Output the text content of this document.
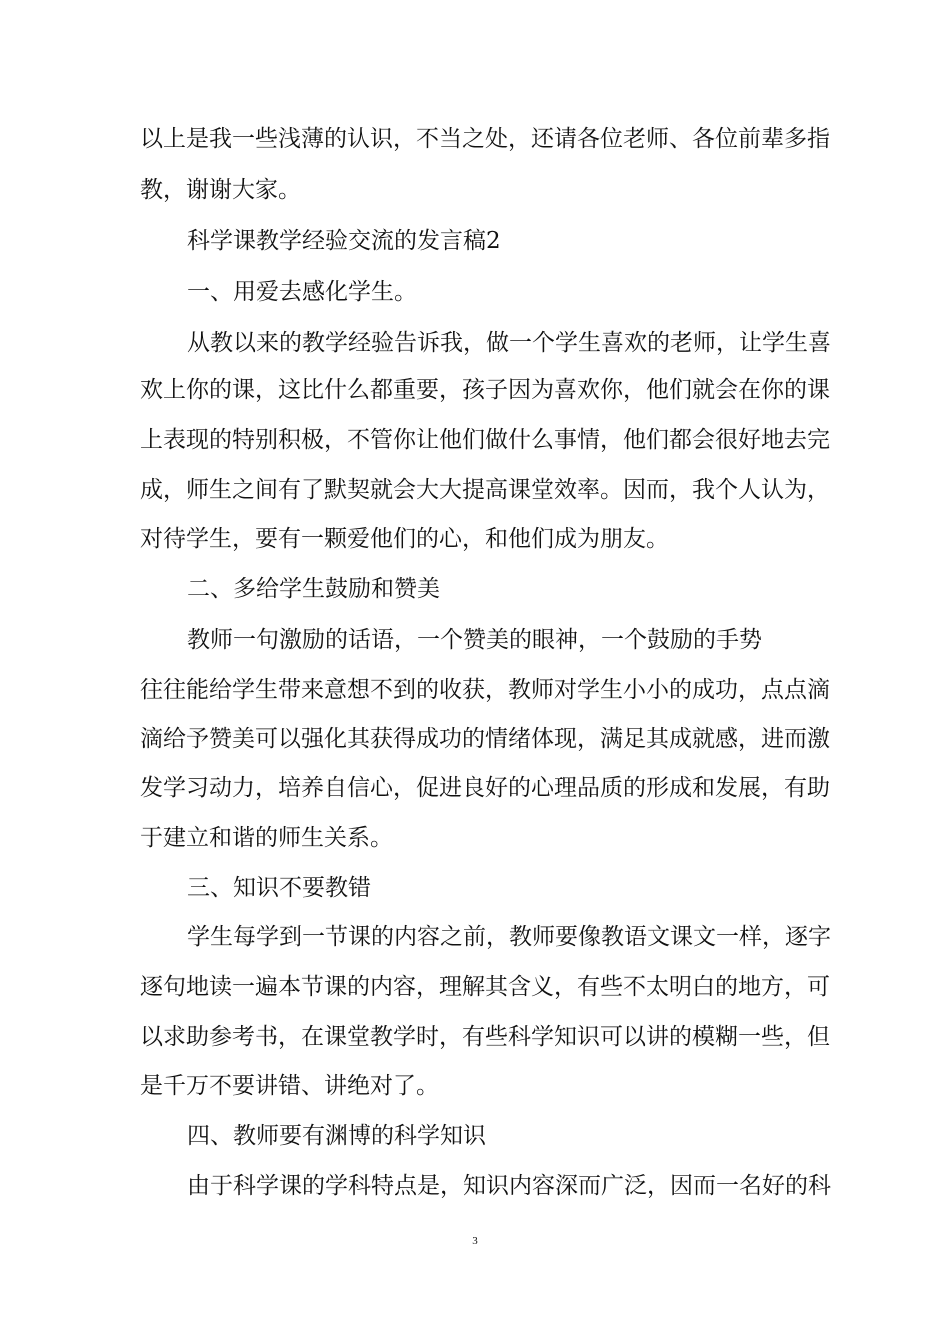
以上是我一些浅薄的认识，不当之处，还请各位老师、各位前辈多指
教，谢谢大家。
科学课教学经验交流的发言稿2
一、用爱去感化学生。
从教以来的教学经验告诉我，做一个学生喜欢的老师，让学生喜
欢上你的课，这比什么都重要，孩子因为喜欢你，他们就会在你的课
上表现的特别积极，不管你让他们做什么事情，他们都会很好地去完
成，师生之间有了默契就会大大提高课堂效率。因而，我个人认为，
对待学生，要有一颗爱他们的心，和他们成为朋友。
二、多给学生鼓励和赞美
教师一句激励的话语，一个赞美的眼神，一个鼓励的手势
往往能给学生带来意想不到的收获，教师对学生小小的成功，点点滴
滴给予赞美可以强化其获得成功的情绪体现，满足其成就感，进而激
发学习动力，培养自信心，促进良好的心理品质的形成和发展，有助
于建立和谐的师生关系。
三、知识不要教错
学生每学到一节课的内容之前，教师要像教语文课文一样，逐字
逐句地读一遍本节课的内容，理解其含义，有些不太明白的地方，可
以求助参考书，在课堂教学时，有些科学知识可以讲的模糊一些，但
是千万不要讲错、讲绝对了。
四、教师要有渊博的科学知识
由于科学课的学科特点是，知识内容深而广泛，因而一名好的科
3
